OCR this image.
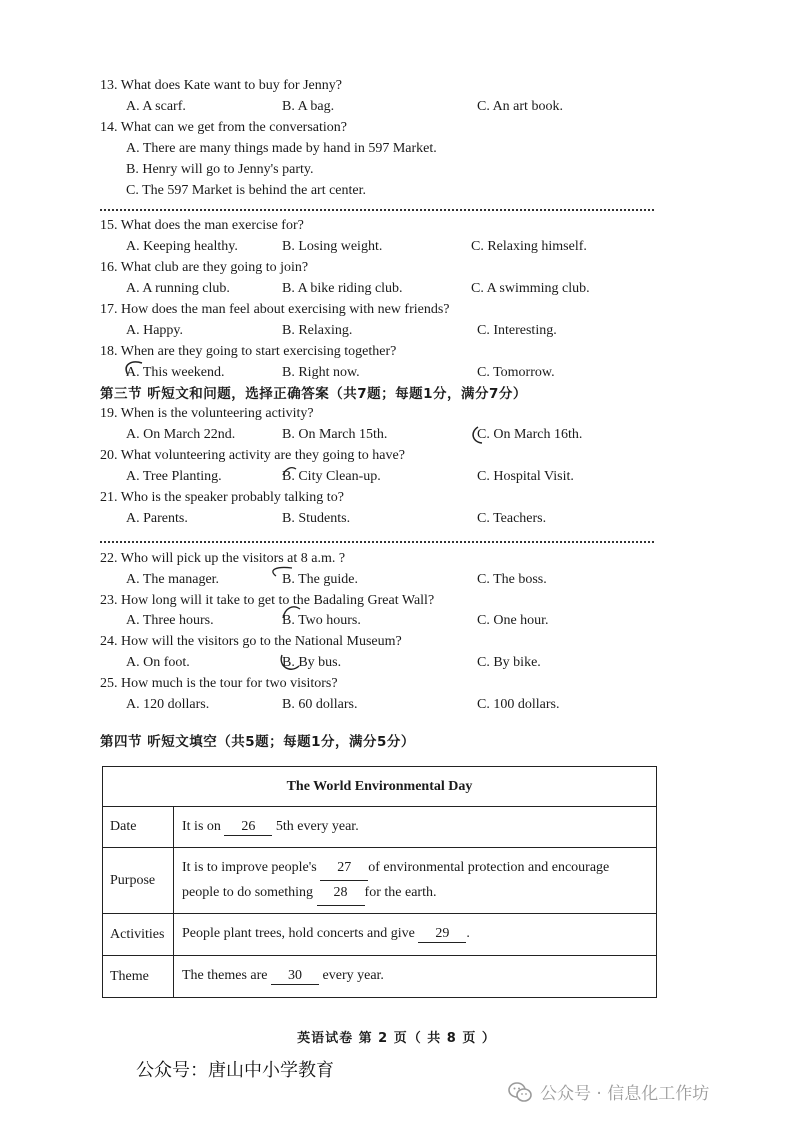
13. What does Kate want to buy for Jenny?
A. A scarf.	B. A bag.	C. An art book.
14. What can we get from the conversation?
A. There are many things made by hand in 597 Market.
B. Henry will go to Jenny's party.
C. The 597 Market is behind the art center.
15. What does the man exercise for?
A. Keeping healthy.	B. Losing weight.	C. Relaxing himself.
16. What club are they going to join?
A. A running club.	B. A bike riding club.	C. A swimming club.
17. How does the man feel about exercising with new friends?
A. Happy.	B. Relaxing.	C. Interesting.
18. When are they going to start exercising together?
A. This weekend.	B. Right now.	C. Tomorrow.
第三节 听短文和问题，选择正确答案（共7题；每题1分，满分7分）
19. When is the volunteering activity?
A. On March 22nd.	B. On March 15th.	C. On March 16th.
20. What volunteering activity are they going to have?
A. Tree Planting.	B. City Clean-up.	C. Hospital Visit.
21. Who is the speaker probably talking to?
A. Parents.	B. Students.	C. Teachers.
22. Who will pick up the visitors at 8 a.m. ?
A. The manager.	B. The guide.	C. The boss.
23. How long will it take to get to the Badaling Great Wall?
A. Three hours.	B. Two hours.	C. One hour.
24. How will the visitors go to the National Museum?
A. On foot.	B. By bus.	C. By bike.
25. How much is the tour for two visitors?
A. 120 dollars.	B. 60 dollars.	C. 100 dollars.
第四节 听短文填空（共5题；每题1分，满分5分）
The World Environmental Day	
Date	It is on 26 5th every year.
Purpose	It is to improve people's 27 of environmental protection and encourage
people to do something 28 for the earth.
Activities	People plant trees, hold concerts and give 29 .
Theme	The themes are 30 every year.
英语试卷 第 2 页（ 共 8 页 ）
公众号：唐山中小学教育
公众号 · 信息化工作坊
